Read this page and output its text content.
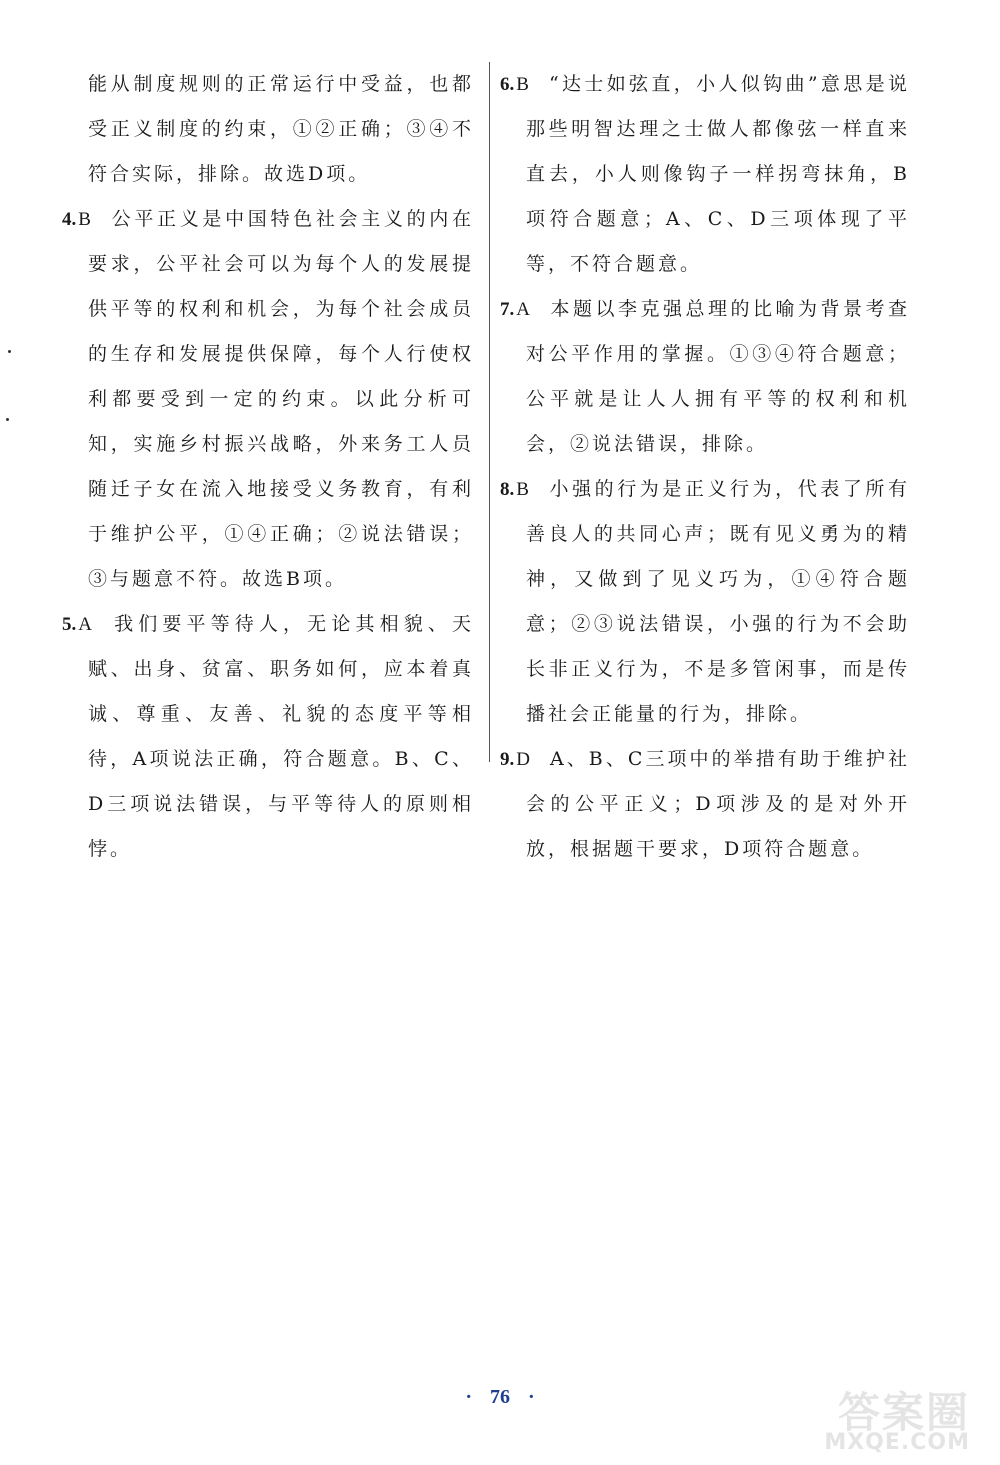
能从制度规则的正常运行中受益，也都受正义制度的约束，①②正确；③④不符合实际，排除。故选D项。

4. B 公平正义是中国特色社会主义的内在要求，公平社会可以为每个人的发展提供平等的权利和机会，为每个社会成员的生存和发展提供保障，每个人行使权利都要受到一定的约束。以此分析可知，实施乡村振兴战略，外来务工人员随迁子女在流入地接受义务教育，有利于维护公平，①④正确；②说法错误；③与题意不符。故选B项。

5. A 我们要平等待人，无论其相貌、天赋、出身、贫富、职务如何，应本着真诚、尊重、友善、礼貌的态度平等相待，A项说法正确，符合题意。B、C、D三项说法错误，与平等待人的原则相悖。

6. B “达士如弦直，小人似钩曲”意思是说那些明智达理之士做人都像弦一样直来直去，小人则像钩子一样拐弯抹角，B项符合题意；A、C、D三项体现了平等，不符合题意。

7. A 本题以李克强总理的比喻为背景考查对公平作用的掌握。①③④符合题意；公平就是让人人拥有平等的权利和机会，②说法错误，排除。

8. B 小强的行为是正义行为，代表了所有善良人的共同心声；既有见义勇为的精神，又做到了见义巧为，①④符合题意；②③说法错误，小强的行为不会助长非正义行为，不是多管闲事，而是传播社会正能量的行为，排除。

9. D A、B、C三项中的举措有助于维护社会的公平正义；D项涉及的是对外开放，根据题干要求，D项符合题意。

· 76 ·	答案圈
MXQE.COM
